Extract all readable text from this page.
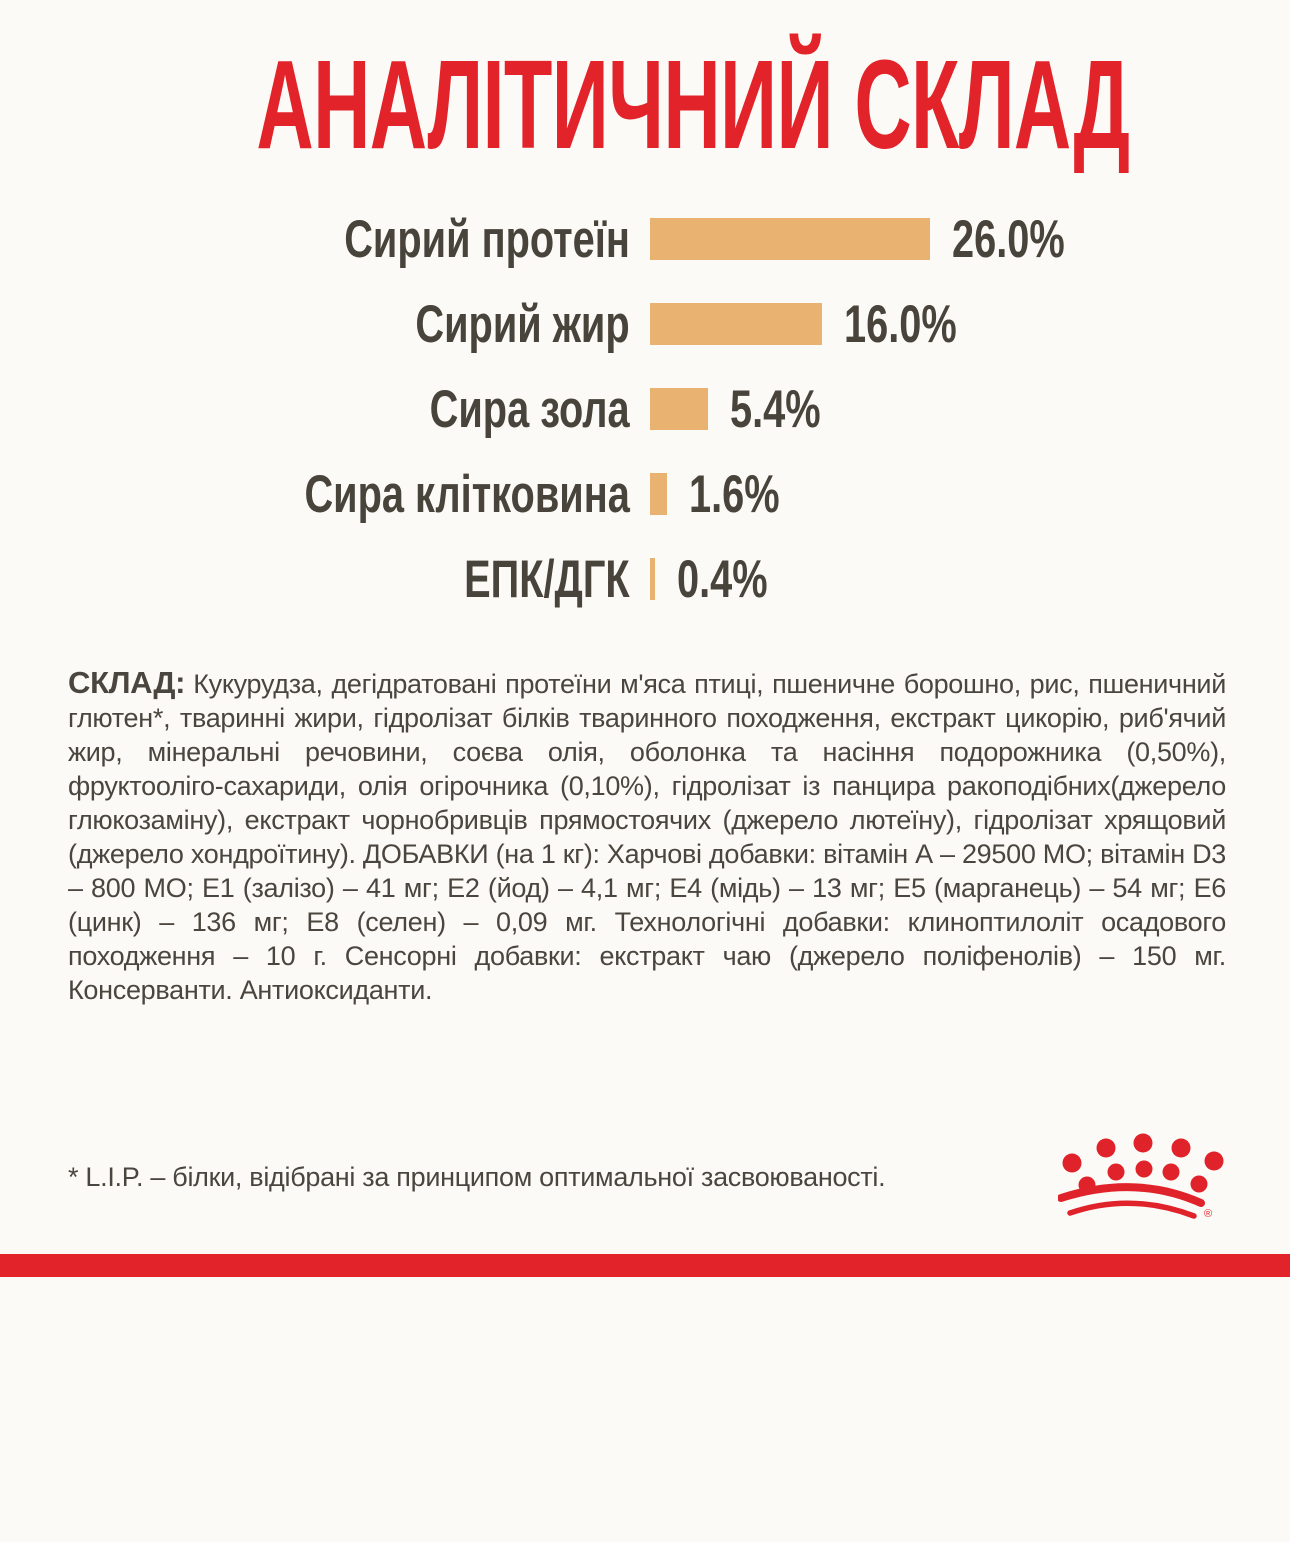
АНАЛІТИЧНИЙ СКЛАД
Сирий протеїн	26.0%
Сирий жир	16.0%
Сира зола 5.4%
Сира клітковина 1.6%
ЕПК/ДГК 0.4%
СКЛАД: Кукурудза, дегідратовані протеїни м'яса птиці, пшеничне борошно, рис, пшеничний глютен*, тваринні жири, гідролізат білків тваринного походження, екстракт цикорію, риб'ячий жир, мінеральні речовини, соєва олія, оболонка та насіння подорожника (0,50%), фруктооліго-сахариди, олія огірочника (0,10%), гідролізат із панцира ракоподібних(джерело глюкозаміну), екстракт чорнобривців прямостоячих (джерело лютеїну), гідролізат хрящовий (джерело хондроїтину). ДОБАВКИ (на 1 кг): Харчові добавки: вітамін А – 29500 МО; вітамін D3 – 800 МО; Е1 (залізо) – 41 мг; Е2 (йод) – 4,1 мг; Е4 (мідь) – 13 мг; Е5 (марганець) – 54 мг; Е6 (цинк) – 136 мг; Е8 (селен) – 0,09 мг. Технологічні добавки: клиноптилоліт осадового походження – 10 г. Сенсорні добавки: екстракт чаю (джерело поліфенолів) – 150 мг. Консерванти. Антиоксиданти.
* L.I.P. – білки, відібрані за принципом оптимальної засвоюваності.
®
